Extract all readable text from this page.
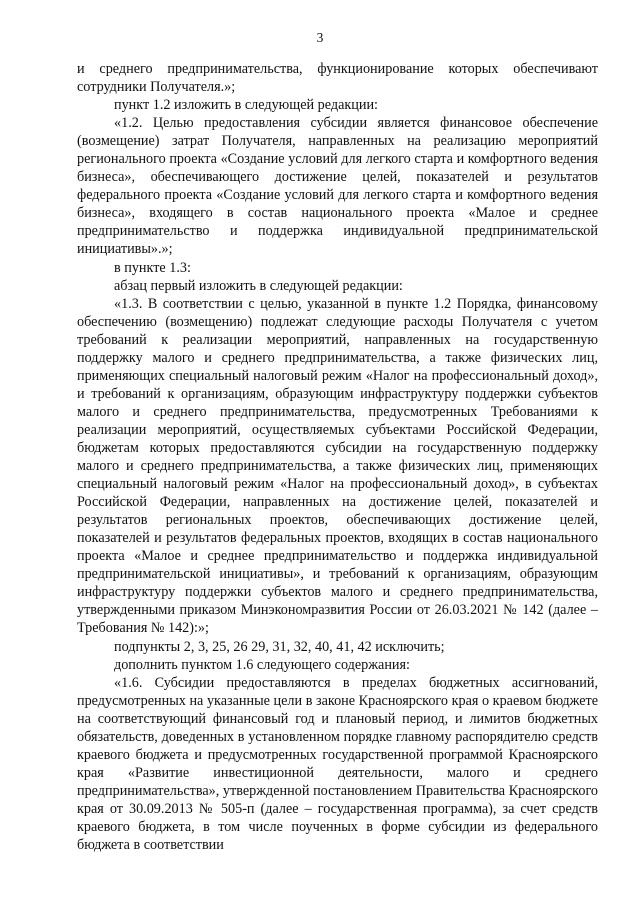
3

и среднего предпринимательства, функционирование которых обеспечивают сотрудники Получателя.»;

пункт 1.2 изложить в следующей редакции:

«1.2. Целью предоставления субсидии является финансовое обеспечение (возмещение) затрат Получателя, направленных на реализацию мероприятий регионального проекта «Создание условий для легкого старта и комфортного ведения бизнеса», обеспечивающего достижение целей, показателей и результатов федерального проекта «Создание условий для легкого старта и комфортного ведения бизнеса», входящего в состав национального проекта «Малое и среднее предпринимательство и поддержка индивидуальной предпринимательской инициативы».»;

в пункте 1.3:

абзац первый изложить в следующей редакции:

«1.3. В соответствии с целью, указанной в пункте 1.2 Порядка, финансовому обеспечению (возмещению) подлежат следующие расходы Получателя с учетом требований к реализации мероприятий, направленных на государственную поддержку малого и среднего предпринимательства, а также физических лиц, применяющих специальный налоговый режим «Налог на профессиональный доход», и требований к организациям, образующим инфраструктуру поддержки субъектов малого и среднего предпринимательства, предусмотренных Требованиями к реализации мероприятий, осуществляемых субъектами Российской Федерации, бюджетам которых предоставляются субсидии на государственную поддержку малого и среднего предпринимательства, а также физических лиц, применяющих специальный налоговый режим «Налог на профессиональный доход», в субъектах Российской Федерации, направленных на достижение целей, показателей и результатов региональных проектов, обеспечивающих достижение целей, показателей и результатов федеральных проектов, входящих в состав национального проекта «Малое и среднее предпринимательство и поддержка индивидуальной предпринимательской инициативы», и требований к организациям, образующим инфраструктуру поддержки субъектов малого и среднего предпринимательства, утвержденными приказом Минэкономразвития России от 26.03.2021 № 142 (далее – Требования № 142):»;

подпункты 2, 3, 25, 26 29, 31, 32, 40, 41, 42 исключить;

дополнить пунктом 1.6 следующего содержания:

«1.6. Субсидии предоставляются в пределах бюджетных ассигнований, предусмотренных на указанные цели в законе Красноярского края о краевом бюджете на соответствующий финансовый год и плановый период, и лимитов бюджетных обязательств, доведенных в установленном порядке главному распорядителю средств краевого бюджета и предусмотренных государственной программой Красноярского края «Развитие инвестиционной деятельности, малого и среднего предпринимательства», утвержденной постановлением Правительства Красноярского края от 30.09.2013 № 505-п (далее – государственная программа), за счет средств краевого бюджета, в том числе поученных в форме субсидии из федерального бюджета в соответствии
